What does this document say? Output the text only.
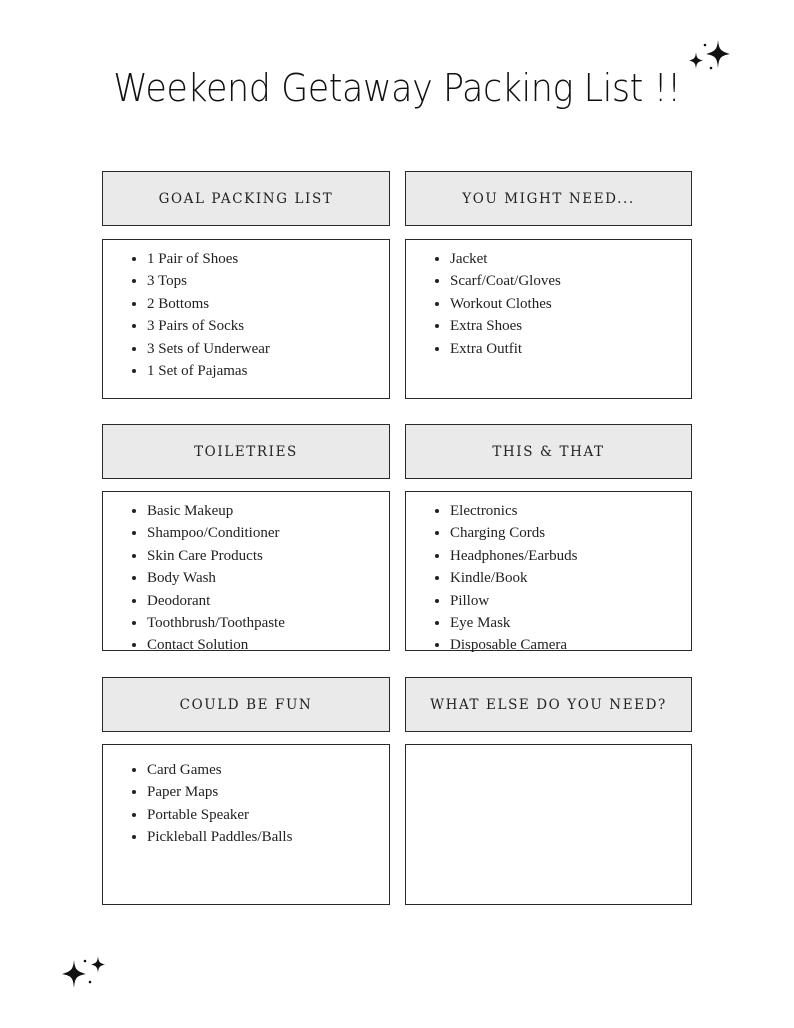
Weekend Getaway Packing List !!
GOAL PACKING LIST	YOU MIGHT NEED...
• 1 Pair of Shoes
• 3 Tops
• 2 Bottoms
• 3 Pairs of Socks
• 3 Sets of Underwear
• 1 Set of Pajamas
• Jacket
• Scarf/Coat/Gloves
• Workout Clothes
• Extra Shoes
• Extra Outfit
TOILETRIES	THIS & THAT
• Basic Makeup
• Shampoo/Conditioner
• Skin Care Products
• Body Wash
• Deodorant
• Toothbrush/Toothpaste
• Contact Solution
• Electronics
• Charging Cords
• Headphones/Earbuds
• Kindle/Book
• Pillow
• Eye Mask
• Disposable Camera
COULD BE FUN	WHAT ELSE DO YOU NEED?
• Card Games
• Paper Maps
• Portable Speaker
• Pickleball Paddles/Balls
